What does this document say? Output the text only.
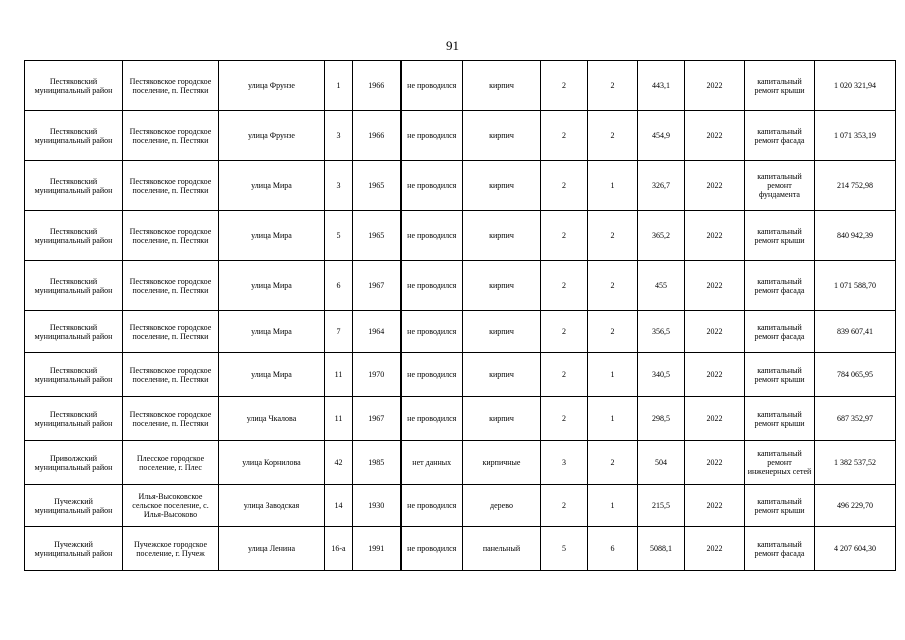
91
Пестяковский муниципальный район	Пестяковское городское поселение, п. Пестяки	улица Фрунзе	1	1966	не проводился	кирпич	2	2	443,1	2022	капитальный ремонт крыши	1 020 321,94
Пестяковский муниципальный район	Пестяковское городское поселение, п. Пестяки	улица Фрунзе	3	1966	не проводился	кирпич	2	2	454,9	2022	капитальный ремонт фасада	1 071 353,19
Пестяковский муниципальный район	Пестяковское городское поселение, п. Пестяки	улица Мира	3	1965	не проводился	кирпич	2	1	326,7	2022	капитальный ремонт фундамента	214 752,98
Пестяковский муниципальный район	Пестяковское городское поселение, п. Пестяки	улица Мира	5	1965	не проводился	кирпич	2	2	365,2	2022	капитальный ремонт крыши	840 942,39
Пестяковский муниципальный район	Пестяковское городское поселение, п. Пестяки	улица Мира	6	1967	не проводился	кирпич	2	2	455	2022	капитальный ремонт фасада	1 071 588,70
Пестяковский муниципальный район	Пестяковское городское поселение, п. Пестяки	улица Мира	7	1964	не проводился	кирпич	2	2	356,5	2022	капитальный ремонт фасада	839 607,41
Пестяковский муниципальный район	Пестяковское городское поселение, п. Пестяки	улица Мира	11	1970	не проводился	кирпич	2	1	340,5	2022	капитальный ремонт крыши	784 065,95
Пестяковский муниципальный район	Пестяковское городское поселение, п. Пестяки	улица Чкалова	11	1967	не проводился	кирпич	2	1	298,5	2022	капитальный ремонт крыши	687 352,97
Приволжский муниципальный район	Плесское городское поселение, г. Плес	улица Корнилова	42	1985	нет данных	кирпичные	3	2	504	2022	капитальный ремонт инженерных сетей	1 382 537,52
Пучежский муниципальный район	Илья-Высоковское сельское поселение, с. Илья-Высоково	улица Заводская	14	1930	не проводился	дерево	2	1	215,5	2022	капитальный ремонт крыши	496 229,70
Пучежский муниципальный район	Пучежское городское поселение, г. Пучеж	улица Ленина	16-а	1991	не проводился	панельный	5	6	5088,1	2022	капитальный ремонт фасада	4 207 604,30
